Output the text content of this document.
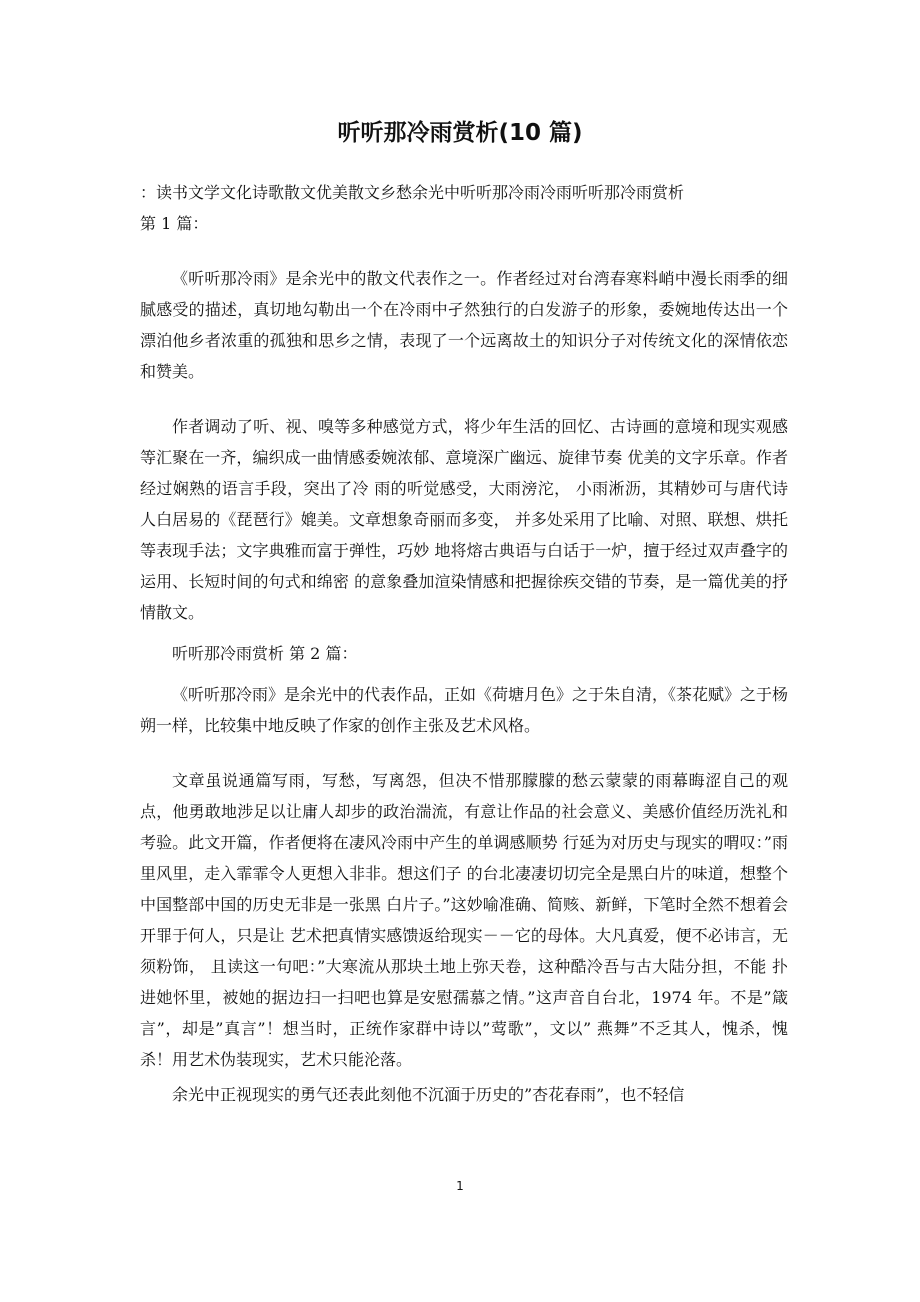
听听那冷雨赏析(10 篇)

：读书文学文化诗歌散文优美散文乡愁余光中听听那冷雨冷雨听听那冷雨赏析

第 1 篇：

《听听那冷雨》是余光中的散文代表作之一。作者经过对台湾春寒料峭中漫长雨季的细腻感受的描述，真切地勾勒出一个在冷雨中孑然独行的白发游子的形象，委婉地传达出一个漂泊他乡者浓重的孤独和思乡之情，表现了一个远离故土的知识分子对传统文化的深情依恋和赞美。

作者调动了听、视、嗅等多种感觉方式，将少年生活的回忆、古诗画的意境和现实观感等汇聚在一齐，编织成一曲情感委婉浓郁、意境深广幽远、旋律节奏 优美的文字乐章。作者经过娴熟的语言手段，突出了冷 雨的听觉感受，大雨滂沱， 小雨淅沥，其精妙可与唐代诗人白居易的《琵琶行》媲美。文章想象奇丽而多变， 并多处采用了比喻、对照、联想、烘托等表现手法；文字典雅而富于弹性，巧妙 地将熔古典语与白话于一炉，擅于经过双声叠字的运用、长短时间的句式和绵密 的意象叠加渲染情感和把握徐疾交错的节奏，是一篇优美的抒情散文。

听听那冷雨赏析 第 2 篇：

《听听那冷雨》是余光中的代表作品，正如《荷塘月色》之于朱自清，《茶花赋》之于杨朔一样，比较集中地反映了作家的创作主张及艺术风格。

文章虽说通篇写雨，写愁，写离怨，但决不惜那朦朦的愁云蒙蒙的雨幕晦涩自己的观点，他勇敢地涉足以让庸人却步的政治湍流，有意让作品的社会意义、美感价值经历洗礼和考验。此文开篇，作者便将在凄风冷雨中产生的单调感顺势 行延为对历史与现实的喟叹：”雨里风里，走入霏霏令人更想入非非。想这们子 的台北凄凄切切完全是黑白片的味道，想整个中国整部中国的历史无非是一张黑 白片子。”这妙喻准确、简赅、新鲜，下笔时全然不想着会开罪于何人，只是让 艺术把真情实感馈返给现实－－它的母体。大凡真爱，便不必讳言，无须粉饰， 且读这一句吧：”大寒流从那块土地上弥天卷，这种酷冷吾与古大陆分担，不能 扑进她怀里，被她的据边扫一扫吧也算是安慰孺慕之情。”这声音自台北，1974 年。不是”箴言”，却是”真言”！想当时，正统作家群中诗以”莺歌”，文以” 燕舞”不乏其人，愧杀，愧杀！用艺术伪装现实，艺术只能沦落。

余光中正视现实的勇气还表此刻他不沉湎于历史的”杏花春雨”，也不轻信

1
